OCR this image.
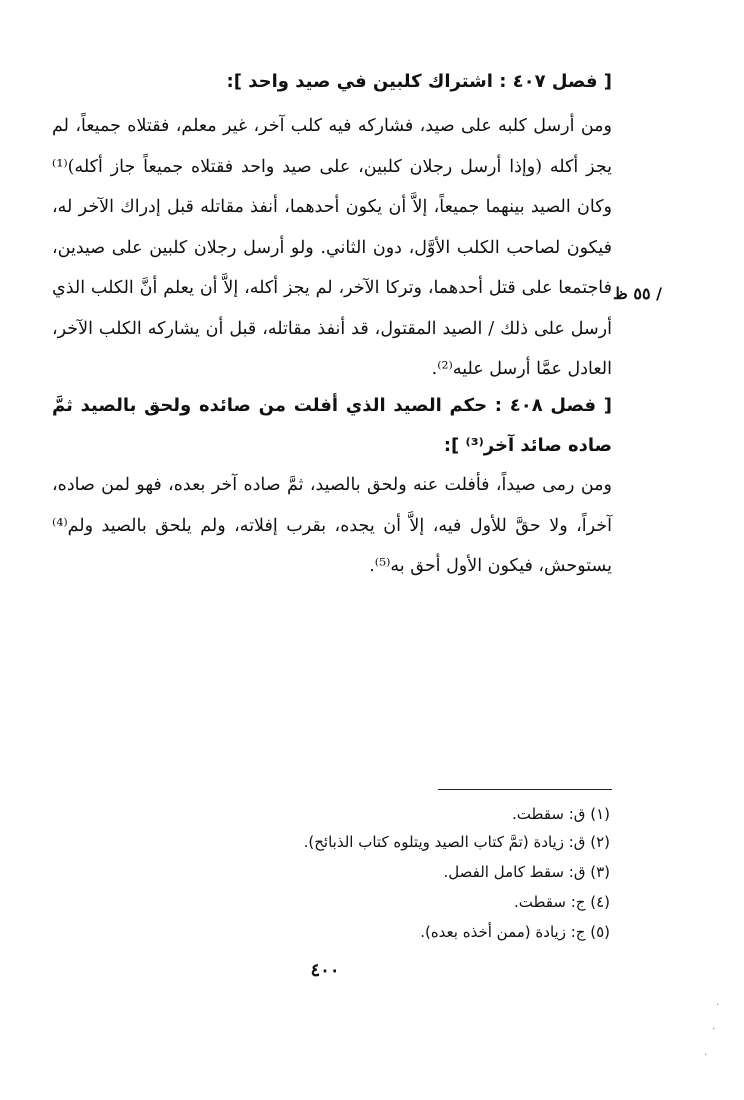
[ فصل ٤٠٧ : اشتراك كلبين في صيد واحد ]:
ومن أرسل كلبه على صيد، فشاركه فيه كلب آخر، غير معلم، فقتلاه جميعاً، لم يجز أكله (وإذا أرسل رجلان كلبين، على صيد واحد فقتلاه جميعاً جاز أكله)⁽¹⁾ وكان الصيد بينهما جميعاً، إلاَّ أن يكون أحدهما، أنفذ مقاتله قبل إدراك الآخر له، فيكون لصاحب الكلب الأوَّل، دون الثاني. ولو أرسل رجلان كلبين على صيدين، فاجتمعا على قتل أحدهما، وتركا الآخر، لم يجز أكله، إلاَّ أن يعلم أنَّ الكلب الذي أرسل على ذلك / الصيد المقتول، قد أنفذ مقاتله، قبل أن يشاركه الكلب الآخر، العادل عمَّا أرسل عليه⁽²⁾.
/ ٥٥ ظ
[ فصل ٤٠٨ : حكم الصيد الذي أفلت من صائده ولحق بالصيد ثمَّ صاده صائد آخر⁽³⁾ ]:
ومن رمى صيداً، فأفلت عنه ولحق بالصيد، ثمَّ صاده آخر بعده، فهو لمن صاده، آخراً، ولا حقَّ للأول فيه، إلاَّ أن يجده، بقرب إفلاته، ولم يلحق بالصيد ولم⁽⁴⁾ يستوحش، فيكون الأول أحق به⁽⁵⁾.
(١) ق: سقطت.
(٢) ق: زيادة (تمَّ كتاب الصيد ويتلوه كتاب الذبائح).
(٣) ق: سقط كامل الفصل.
(٤) ج: سقطت.
(٥) ج: زيادة (ممن أخذه بعده).
٤٠٠
·
·
·
